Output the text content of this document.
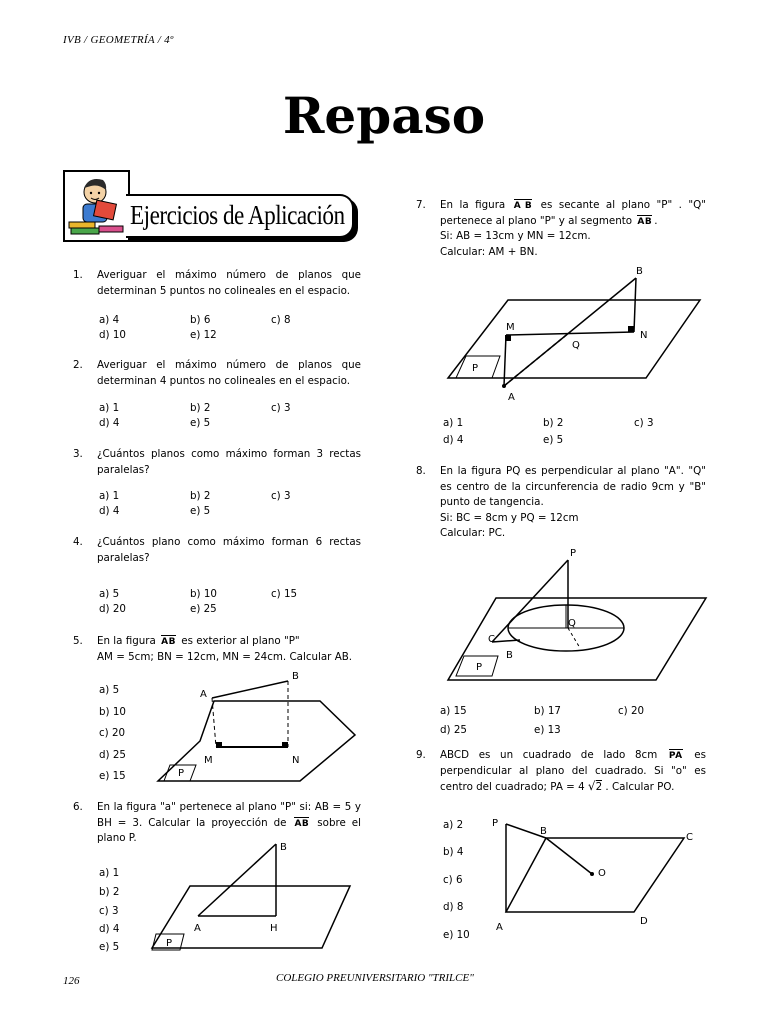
IVB / GEOMETRÍA / 4º
Repaso
Ejercicios de Aplicación
1. Averiguar el máximo número de planos que determinan 5 puntos no colineales en el espacio.
a) 4	b) 6	c) 8
d) 10	e) 12
2. Averiguar el máximo número de planos que determinan 4 puntos no colineales en el espacio.
a) 1	b) 2	c) 3
d) 4	e) 5
3. ¿Cuántos planos como máximo forman 3 rectas paralelas?
a) 1	b) 2	c) 3
d) 4	e) 5
4. ¿Cuántos plano como máximo forman 6 rectas paralelas?
a) 5	b) 10	c) 15
d) 20	e) 25
5. En la figura AB es exterior al plano "P"
AM = 5cm; BN = 12cm, MN = 24cm. Calcular AB.
a) 5
b) 10
c) 20
d) 25
e) 15
A
B
M	N
P
6. En la figura "a" pertenece al plano "P" si: AB = 5 y BH = 3. Calcular la proyección de AB sobre el plano P.
a) 1
b) 2
c) 3
d) 4
e) 5
A
B
H
P
7. En la figura A B es secante al plano "P" . "Q" pertenece al plano "P" y al segmento AB .
Si: AB = 13cm y MN = 12cm.
Calcular: AM + BN.
A
B
M
N
Q
P
a) 1	b) 2	c) 3
d) 4	e) 5
8. En la figura PQ es perpendicular al plano "A". "Q" es centro de la circunferencia de radio 9cm y "B" punto de tangencia.
Si: BC = 8cm y PQ = 12cm
Calcular: PC.
P
Q
C
B
P
a) 15	b) 17	c) 20
d) 25	e) 13
9. ABCD es un cuadrado de lado 8cm PA es perpendicular al plano del cuadrado. Si "o" es centro del cuadrado; PA = 4 √2 . Calcular PO.
a) 2
b) 4
c) 6
d) 8
e) 10
P
B
C
O
A
D
126	COLEGIO PREUNIVERSITARIO "TRILCE"
